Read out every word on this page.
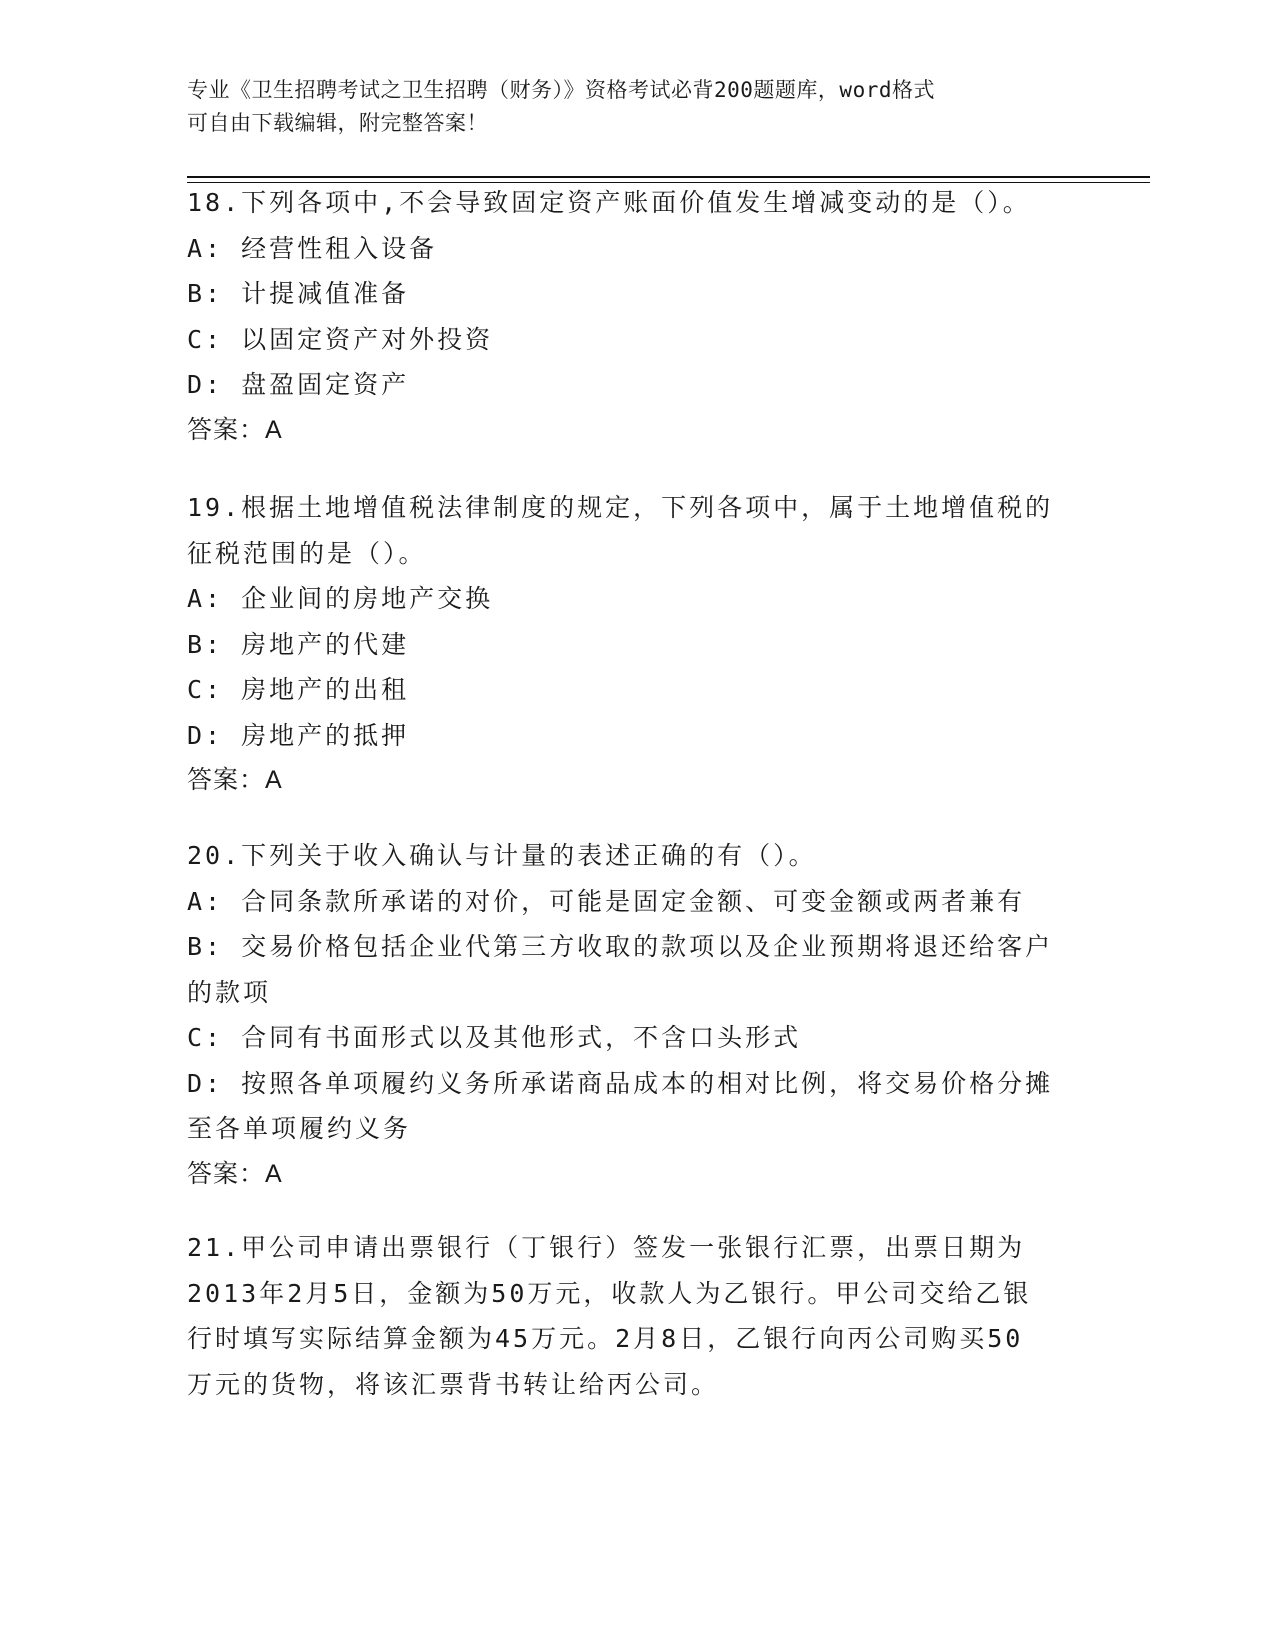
专业《卫生招聘考试之卫生招聘（财务）》资格考试必背200题题库，word格式
可自由下载编辑，附完整答案！
18.下列各项中,不会导致固定资产账面价值发生增减变动的是（）。
A: 经营性租入设备
B: 计提减值准备
C: 以固定资产对外投资
D: 盘盈固定资产
答案：A
19.根据土地增值税法律制度的规定，下列各项中，属于土地增值税的
征税范围的是（）。
A: 企业间的房地产交换
B: 房地产的代建
C: 房地产的出租
D: 房地产的抵押
答案：A
20.下列关于收入确认与计量的表述正确的有（）。
A: 合同条款所承诺的对价，可能是固定金额、可变金额或两者兼有
B: 交易价格包括企业代第三方收取的款项以及企业预期将退还给客户
的款项
C: 合同有书面形式以及其他形式，不含口头形式
D: 按照各单项履约义务所承诺商品成本的相对比例，将交易价格分摊
至各单项履约义务
答案：A
21.甲公司申请出票银行（丁银行）签发一张银行汇票，出票日期为
2013年2月5日，金额为50万元，收款人为乙银行。甲公司交给乙银
行时填写实际结算金额为45万元。2月8日，乙银行向丙公司购买50
万元的货物，将该汇票背书转让给丙公司。
